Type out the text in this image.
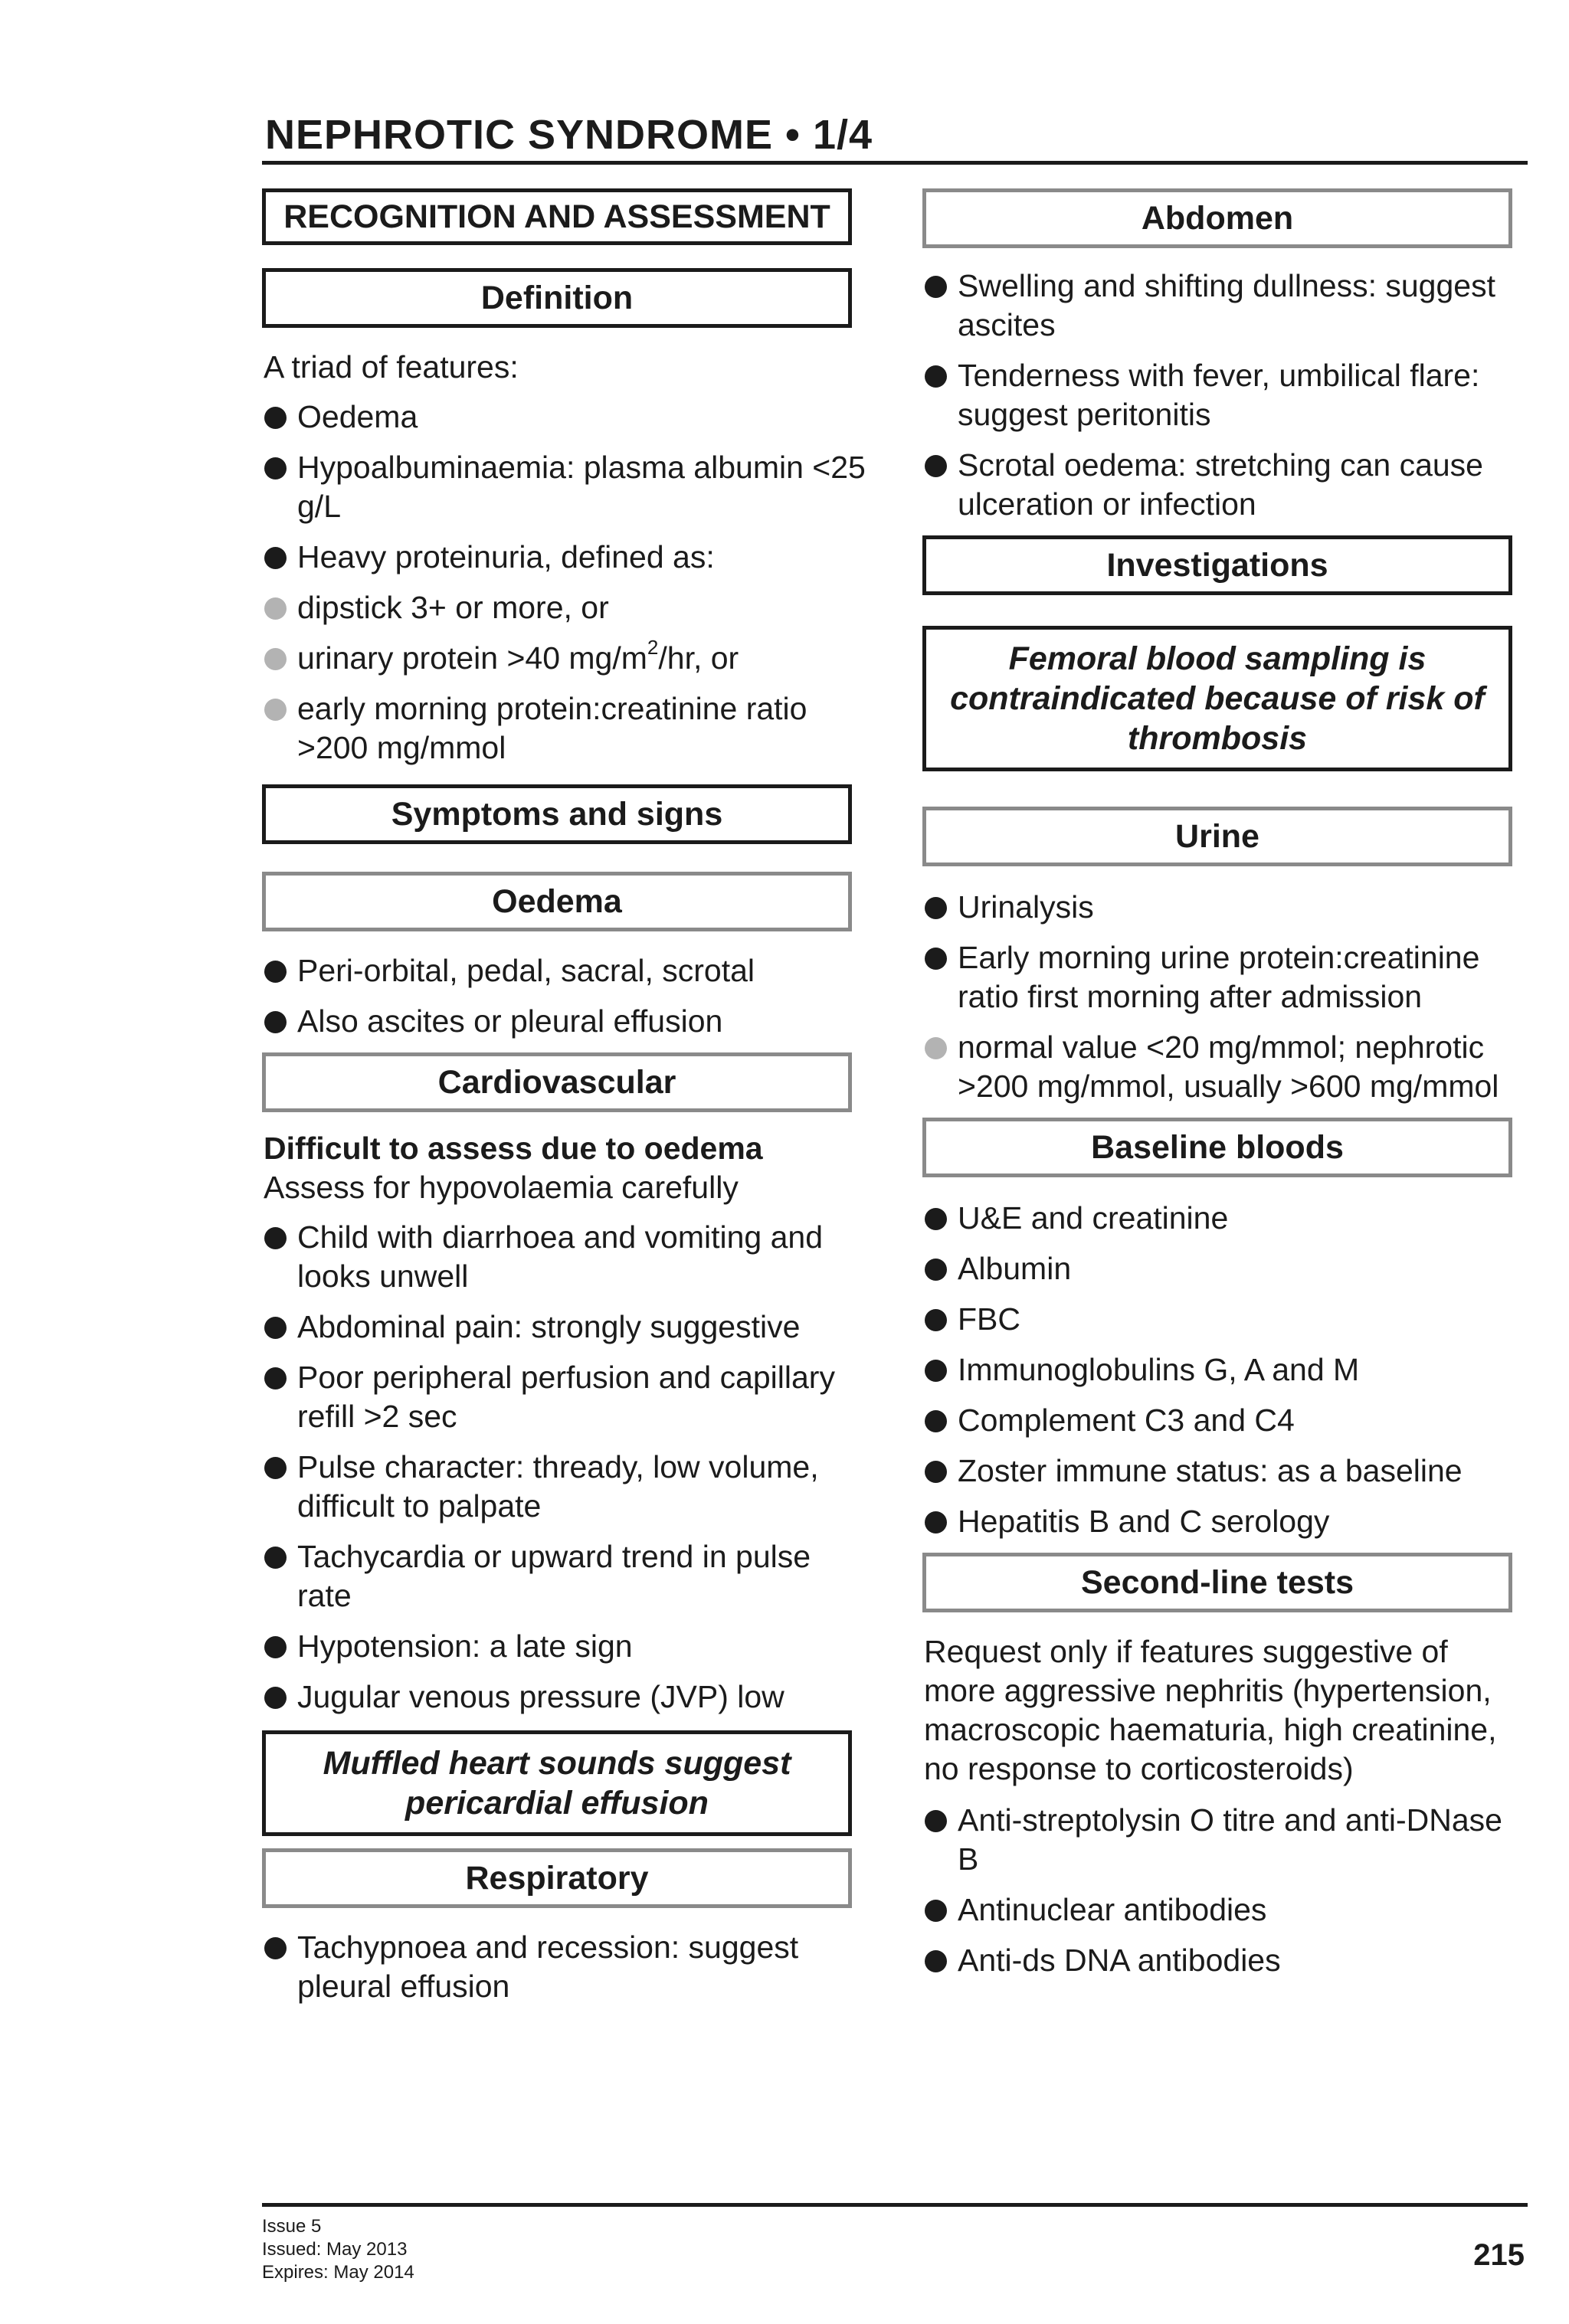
NEPHROTIC SYNDROME • 1/4
RECOGNITION AND ASSESSMENT
Definition
A triad of features:
Oedema
Hypoalbuminaemia: plasma albumin <25 g/L
Heavy proteinuria, defined as:
dipstick 3+ or more, or
urinary protein >40 $mg/m^2/hr$, or
early morning protein:creatinine ratio >200 mg/mmol
Symptoms and signs
Oedema
Peri-orbital, pedal, sacral, scrotal
Also ascites or pleural effusion
Cardiovascular
Difficult to assess due to oedema
Assess for hypovolaemia carefully
Child with diarrhoea and vomiting and looks unwell
Abdominal pain: strongly suggestive
Poor peripheral perfusion and capillary refill >2 sec
Pulse character: thready, low volume, difficult to palpate
Tachycardia or upward trend in pulse rate
Hypotension: a late sign
Jugular venous pressure (JVP) low
Muffled heart sounds suggest pericardial effusion
Respiratory
Tachypnoea and recession: suggest pleural effusion
Abdomen
Swelling and shifting dullness: suggest ascites
Tenderness with fever, umbilical flare: suggest peritonitis
Scrotal oedema: stretching can cause ulceration or infection
Investigations
Femoral blood sampling is contraindicated because of risk of thrombosis
Urine
Urinalysis
Early morning urine protein:creatinine ratio first morning after admission
normal value <20 mg/mmol; nephrotic >200 mg/mmol, usually >600 mg/mmol
Baseline bloods
U&E and creatinine
Albumin
FBC
Immunoglobulins G, A and M
Complement C3 and C4
Zoster immune status: as a baseline
Hepatitis B and C serology
Second-line tests
Request only if features suggestive of more aggressive nephritis (hypertension, macroscopic haematuria, high creatinine, no response to corticosteroids)
Anti-streptolysin O titre and anti-DNase B
Antinuclear antibodies
Anti-ds DNA antibodies
Issue 5
Issued: May 2013
Expires: May 2014
215
